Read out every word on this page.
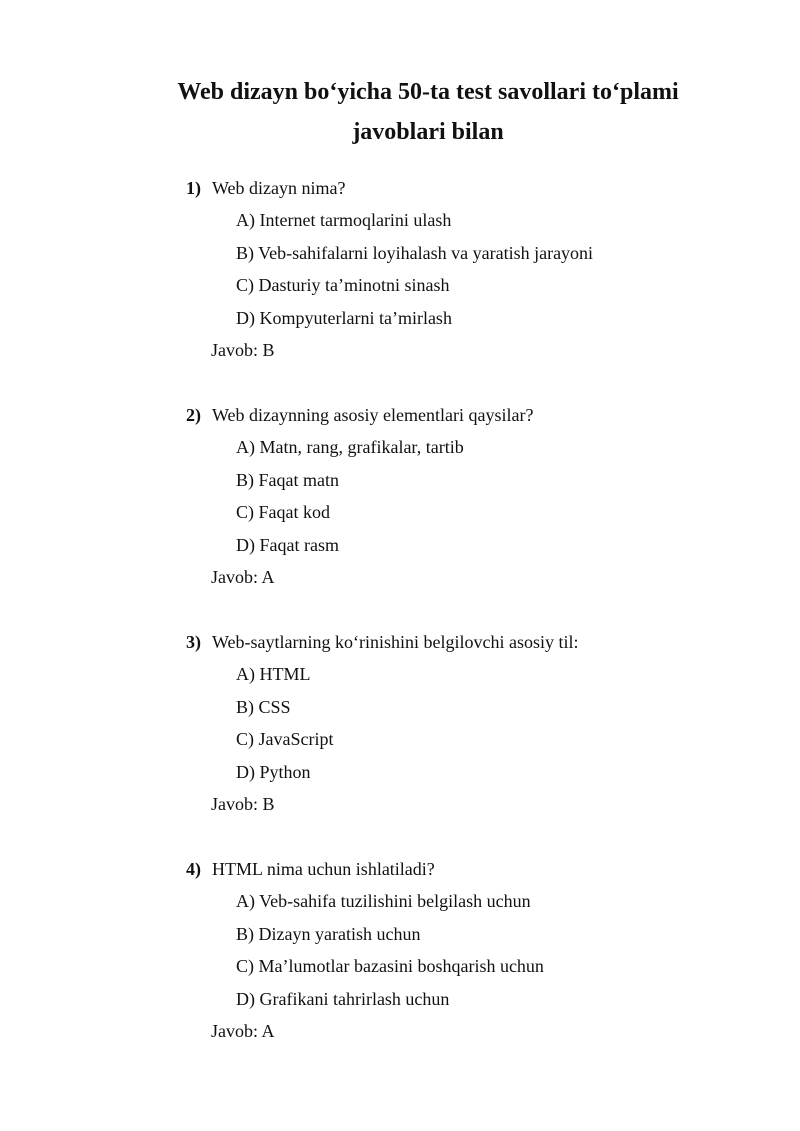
Web dizayn bo‘yicha 50-ta test savollari to‘plami
javoblari bilan
1) Web dizayn nima?
A) Internet tarmoqlarini ulash
B) Veb-sahifalarni loyihalash va yaratish jarayoni
C) Dasturiy ta’minotni sinash
D) Kompyuterlarni ta’mirlash
Javob: B
2) Web dizaynning asosiy elementlari qaysilar?
A) Matn, rang, grafikalar, tartib
B) Faqat matn
C) Faqat kod
D) Faqat rasm
Javob: A
3) Web-saytlarning ko‘rinishini belgilovchi asosiy til:
A) HTML
B) CSS
C) JavaScript
D) Python
Javob: B
4) HTML nima uchun ishlatiladi?
A) Veb-sahifa tuzilishini belgilash uchun
B) Dizayn yaratish uchun
C) Ma’lumotlar bazasini boshqarish uchun
D) Grafikani tahrirlash uchun
Javob: A
